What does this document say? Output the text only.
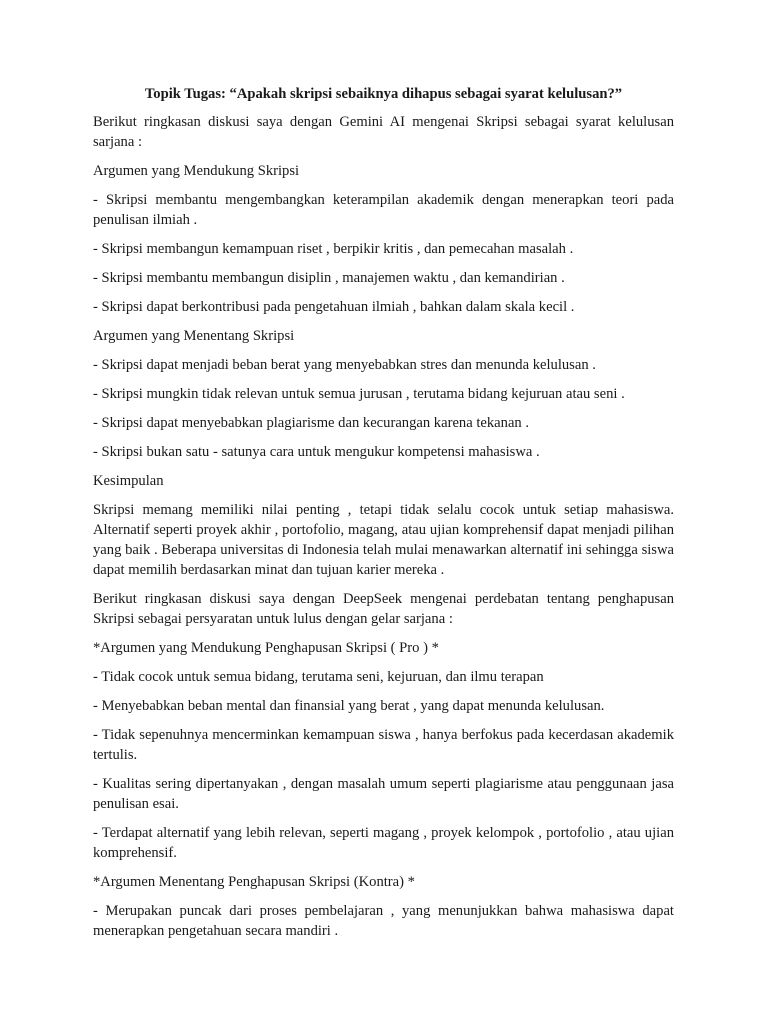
Topik Tugas: “Apakah skripsi sebaiknya dihapus sebagai syarat kelulusan?”

Berikut ringkasan diskusi saya dengan Gemini AI mengenai Skripsi sebagai syarat kelulusan sarjana :

Argumen yang Mendukung Skripsi

- Skripsi membantu mengembangkan keterampilan akademik dengan menerapkan teori pada penulisan ilmiah .

- Skripsi membangun kemampuan riset , berpikir kritis , dan pemecahan masalah .

- Skripsi membantu membangun disiplin , manajemen waktu , dan kemandirian .

- Skripsi dapat berkontribusi pada pengetahuan ilmiah , bahkan dalam skala kecil .

Argumen yang Menentang Skripsi

- Skripsi dapat menjadi beban berat yang menyebabkan stres dan menunda kelulusan .

- Skripsi mungkin tidak relevan untuk semua jurusan , terutama bidang kejuruan atau seni .

- Skripsi dapat menyebabkan plagiarisme dan kecurangan karena tekanan .

- Skripsi bukan satu - satunya cara untuk mengukur kompetensi mahasiswa .

Kesimpulan

Skripsi memang memiliki nilai penting , tetapi tidak selalu cocok untuk setiap mahasiswa. Alternatif seperti proyek akhir , portofolio, magang, atau ujian komprehensif dapat menjadi pilihan yang baik . Beberapa universitas di Indonesia telah mulai menawarkan alternatif ini sehingga siswa dapat memilih berdasarkan minat dan tujuan karier mereka .

Berikut ringkasan diskusi saya dengan DeepSeek mengenai perdebatan tentang penghapusan Skripsi sebagai persyaratan untuk lulus dengan gelar sarjana :

*Argumen yang Mendukung Penghapusan Skripsi ( Pro ) *

- Tidak cocok untuk semua bidang, terutama seni, kejuruan, dan ilmu terapan

- Menyebabkan beban mental dan finansial yang berat , yang dapat menunda kelulusan.

- Tidak sepenuhnya mencerminkan kemampuan siswa , hanya berfokus pada kecerdasan akademik tertulis.

- Kualitas sering dipertanyakan , dengan masalah umum seperti plagiarisme atau penggunaan jasa penulisan esai.

- Terdapat alternatif yang lebih relevan, seperti magang , proyek kelompok , portofolio , atau ujian komprehensif.

*Argumen Menentang Penghapusan Skripsi (Kontra) *

- Merupakan puncak dari proses pembelajaran , yang menunjukkan bahwa mahasiswa dapat menerapkan pengetahuan secara mandiri .
